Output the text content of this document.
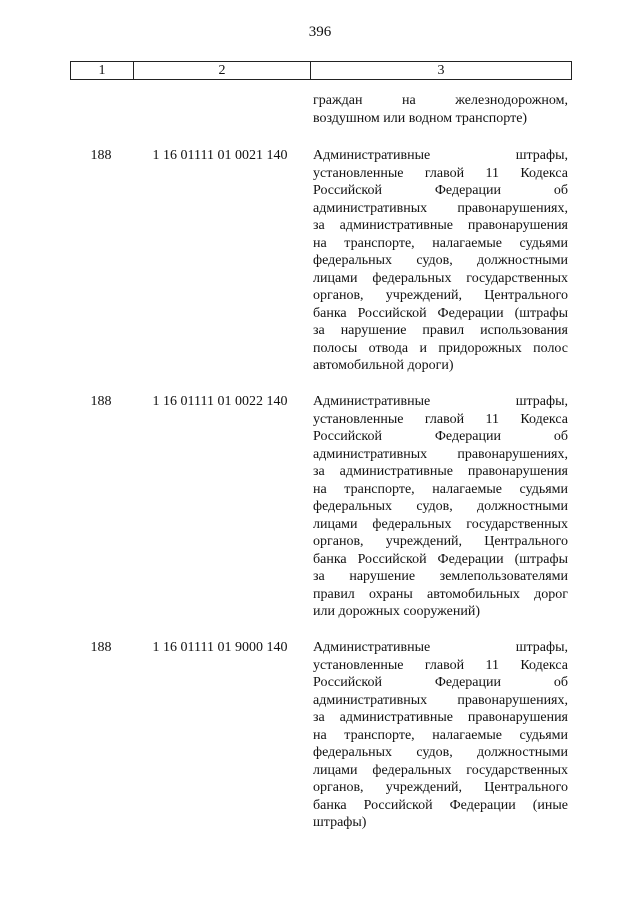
396
1	2	3
граждан на железнодорожном,
воздушном или водном транспорте)
188	1 16 01111 01 0021 140	Административные штрафы,
установленные главой 11 Кодекса
Российской Федерации об
административных правонарушениях,
за административные правонарушения
на транспорте, налагаемые судьями
федеральных судов, должностными
лицами федеральных государственных
органов, учреждений, Центрального
банка Российской Федерации (штрафы
за нарушение правил использования
полосы отвода и придорожных полос
автомобильной дороги)
188	1 16 01111 01 0022 140	Административные штрафы,
установленные главой 11 Кодекса
Российской Федерации об
административных правонарушениях,
за административные правонарушения
на транспорте, налагаемые судьями
федеральных судов, должностными
лицами федеральных государственных
органов, учреждений, Центрального
банка Российской Федерации (штрафы
за нарушение землепользователями
правил охраны автомобильных дорог
или дорожных сооружений)
188	1 16 01111 01 9000 140	Административные штрафы,
установленные главой 11 Кодекса
Российской Федерации об
административных правонарушениях,
за административные правонарушения
на транспорте, налагаемые судьями
федеральных судов, должностными
лицами федеральных государственных
органов, учреждений, Центрального
банка Российской Федерации (иные
штрафы)
